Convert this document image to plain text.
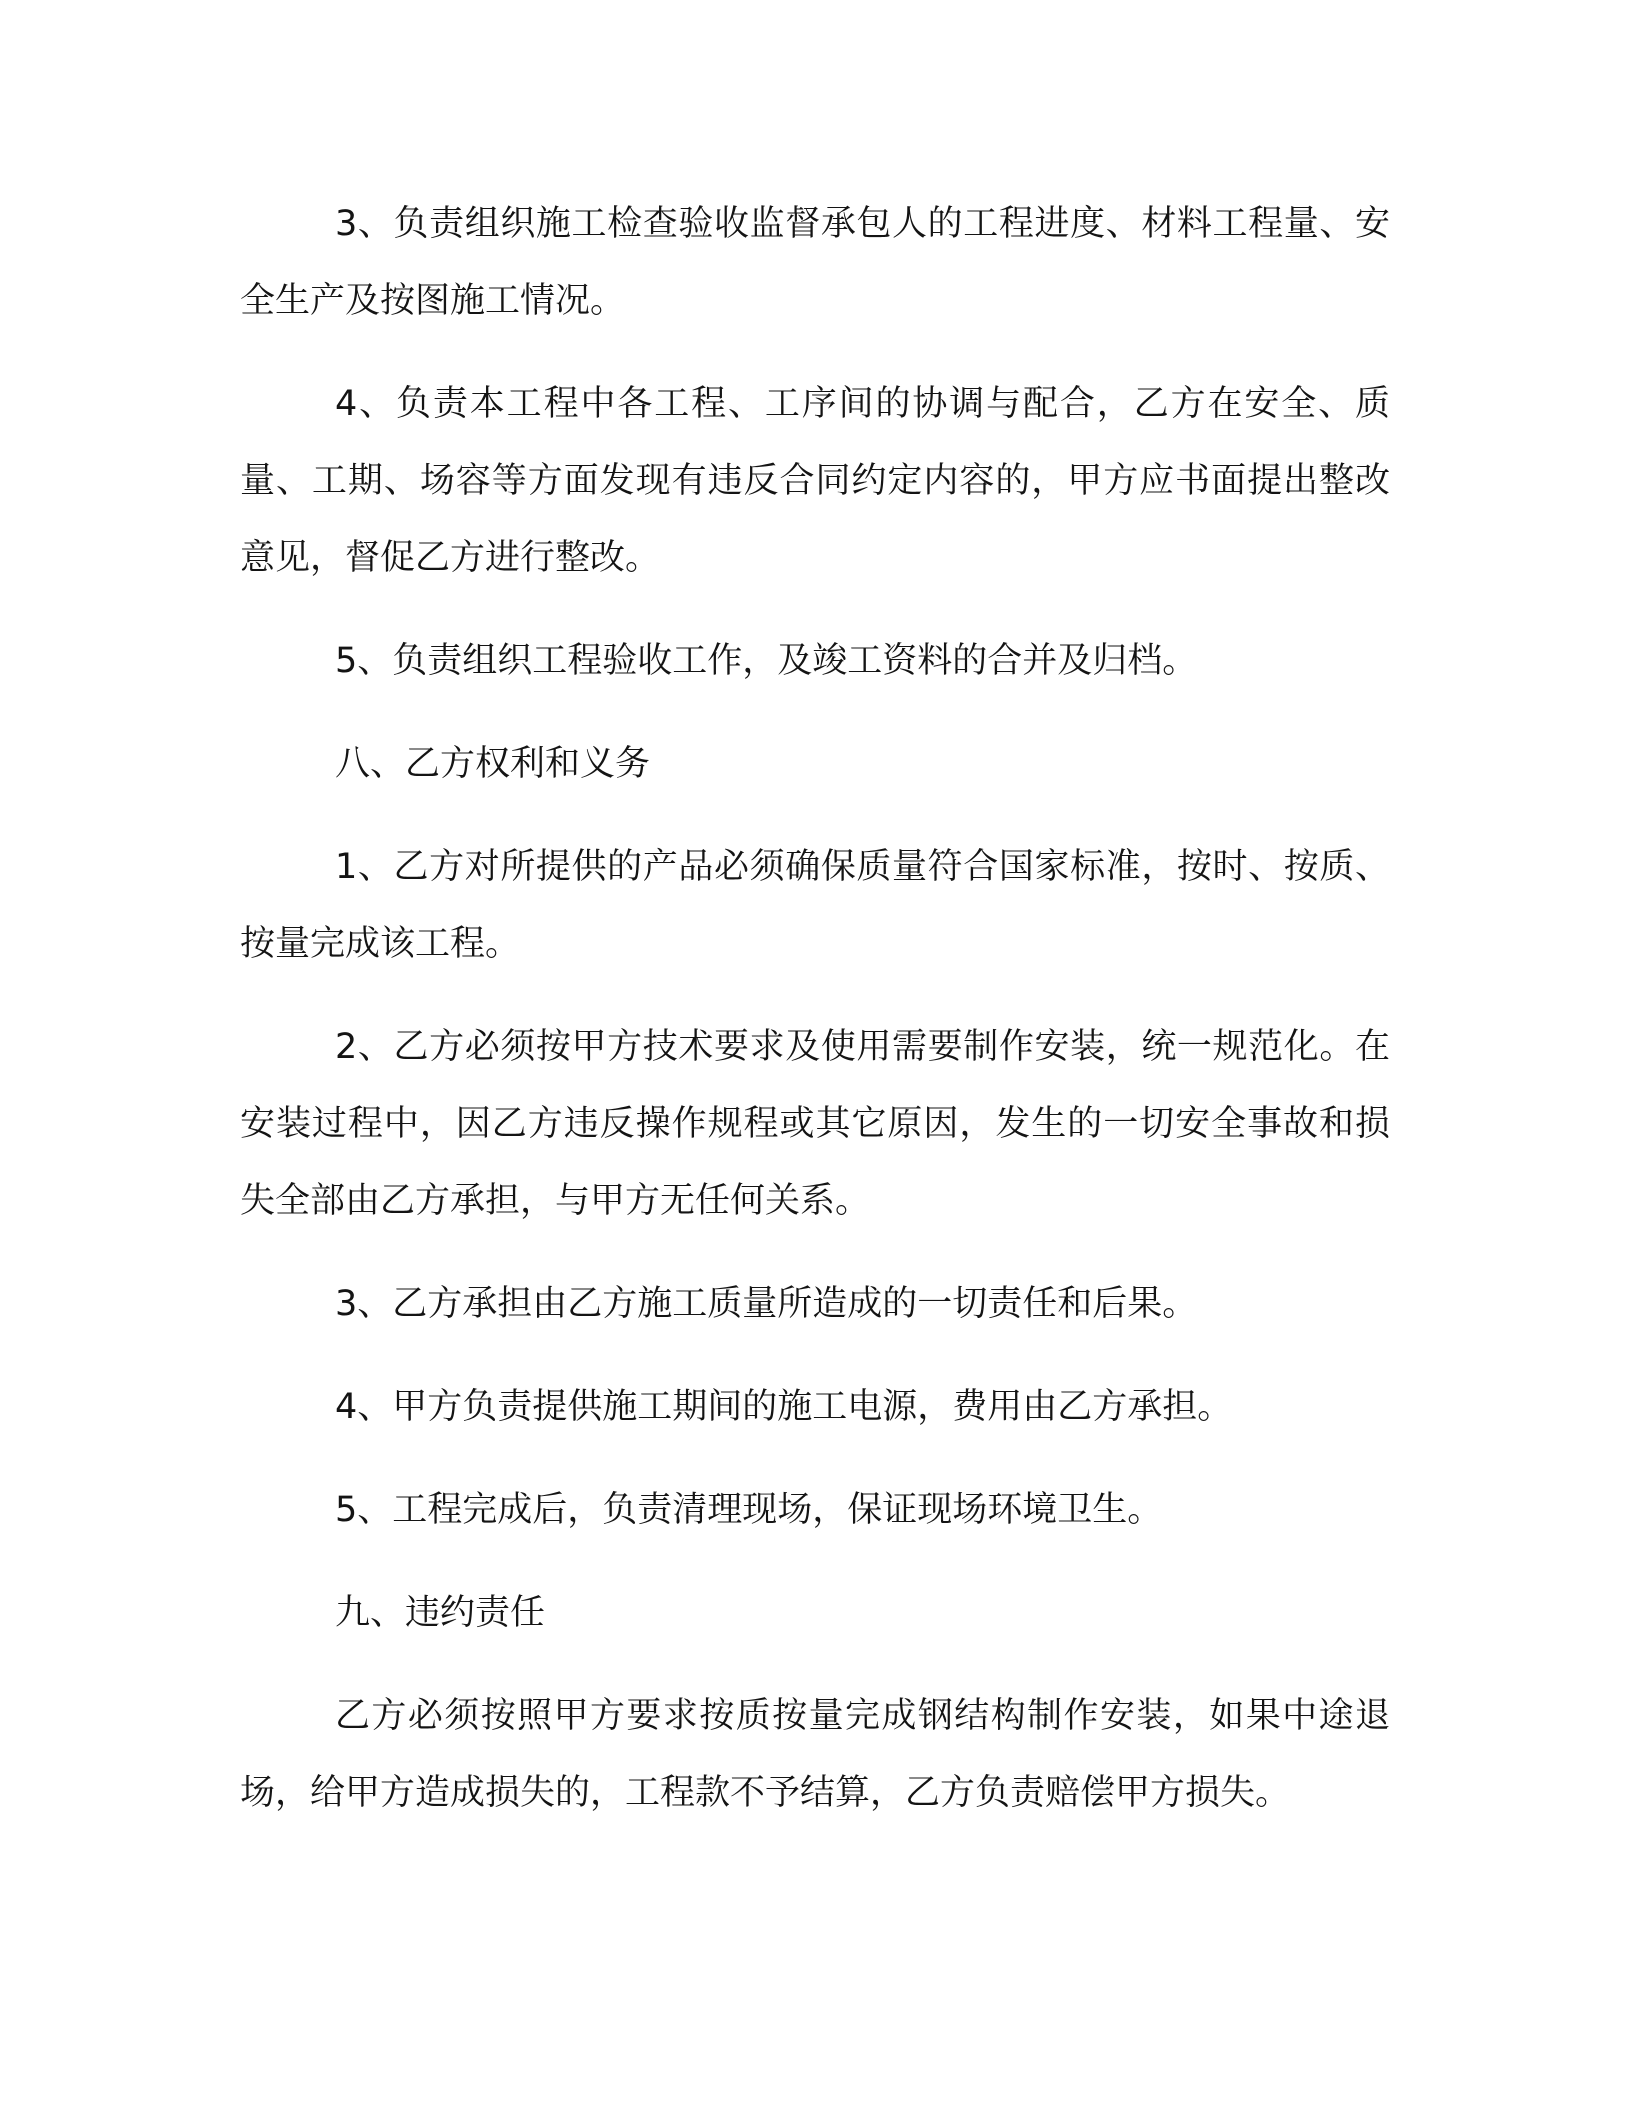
3、负责组织施工检查验收监督承包人的工程进度、材料工程量、安全生产及按图施工情况。

4、负责本工程中各工程、工序间的协调与配合，乙方在安全、质量、工期、场容等方面发现有违反合同约定内容的，甲方应书面提出整改意见，督促乙方进行整改。

5、负责组织工程验收工作，及竣工资料的合并及归档。

八、乙方权利和义务

1、乙方对所提供的产品必须确保质量符合国家标准，按时、按质、按量完成该工程。

2、乙方必须按甲方技术要求及使用需要制作安装，统一规范化。在安装过程中，因乙方违反操作规程或其它原因，发生的一切安全事故和损失全部由乙方承担，与甲方无任何关系。

3、乙方承担由乙方施工质量所造成的一切责任和后果。

4、甲方负责提供施工期间的施工电源，费用由乙方承担。

5、工程完成后，负责清理现场，保证现场环境卫生。

九、违约责任

乙方必须按照甲方要求按质按量完成钢结构制作安装，如果中途退场，给甲方造成损失的，工程款不予结算，乙方负责赔偿甲方损失。
